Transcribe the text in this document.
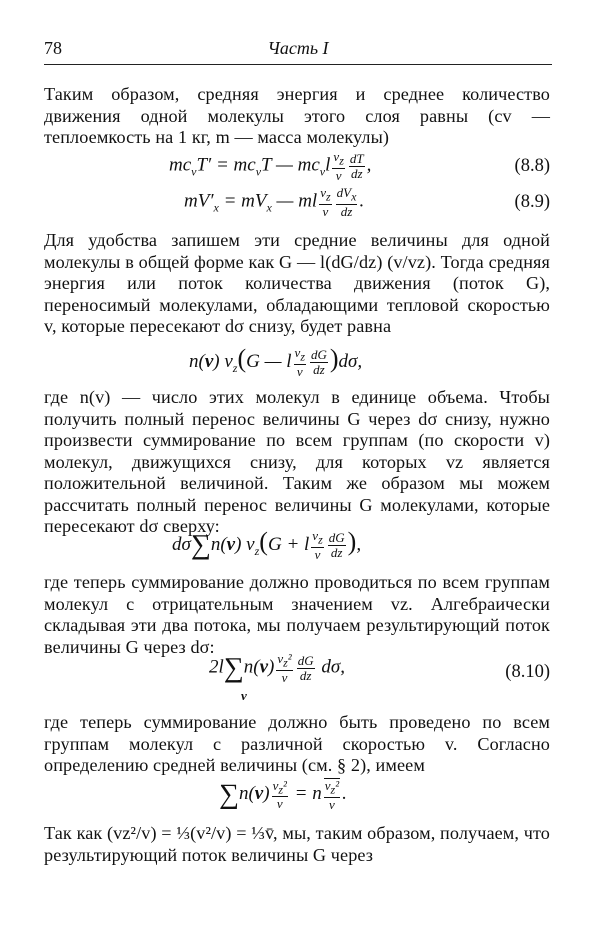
78	Часть I

Таким образом, средняя энергия и среднее количество движения одной молекулы этого слоя равны (cv — теплоемкость на 1 кг, m — масса молекулы)

$mc_vT' = mc_vT$ — $mc_vl \frac{v_z}{v} \frac{dT}{dz}$ ,	(8.8)
$mV'_x = mV_x$ — ml $\frac{v_z}{v} dV_x$
dz .	(8.9)

Для удобства запишем эти средние величины для одной молекулы в общей форме как G — l(dG/dz) (v/vz). Тогда средняя энергия или поток количества движения (поток G), переносимый молекулами, обладающими тепловой скоростью v, которые пересекают dσ снизу, будет равна

n(v) $v_z(G$ — l $\frac{v_z}{v} \frac{dG}{dz} )d\sigma$,

где n(v) — число этих молекул в единице объема. Чтобы получить полный перенос величины G через dσ снизу, нужно произвести суммирование по всем группам (по скорости v) молекул, движущихся снизу, для которых vz является положительной величиной. Таким же образом мы можем рассчитать полный перенос величины G молекулами, которые пересекают dσ сверху:

dσ∑n(v) $v_z(G + l \frac{v_z}{v} \frac{dG}{dz}$ ),

где теперь суммирование должно проводиться по всем группам молекул с отрицательным значением vz. Алгебраически складывая эти два потока, мы получаем результирующий поток величины G через dσ:

$2l\sum n(v) \frac{v_z^2}{v} \frac{dG}{dz} d\sigma$,
v
(8.10)

где теперь суммирование должно быть проведено по всем группам молекул с различной скоростью v. Согласно определению средней величины (см. § 2), имеем

$\sum n(v) \frac{v_z^2}{v} = n \frac{v_z^2}{v}$ .

Так как (vz²/v) = ⅓(v²/v) = ⅓v̄, мы, таким образом, получаем, что результирующий поток величины G через
